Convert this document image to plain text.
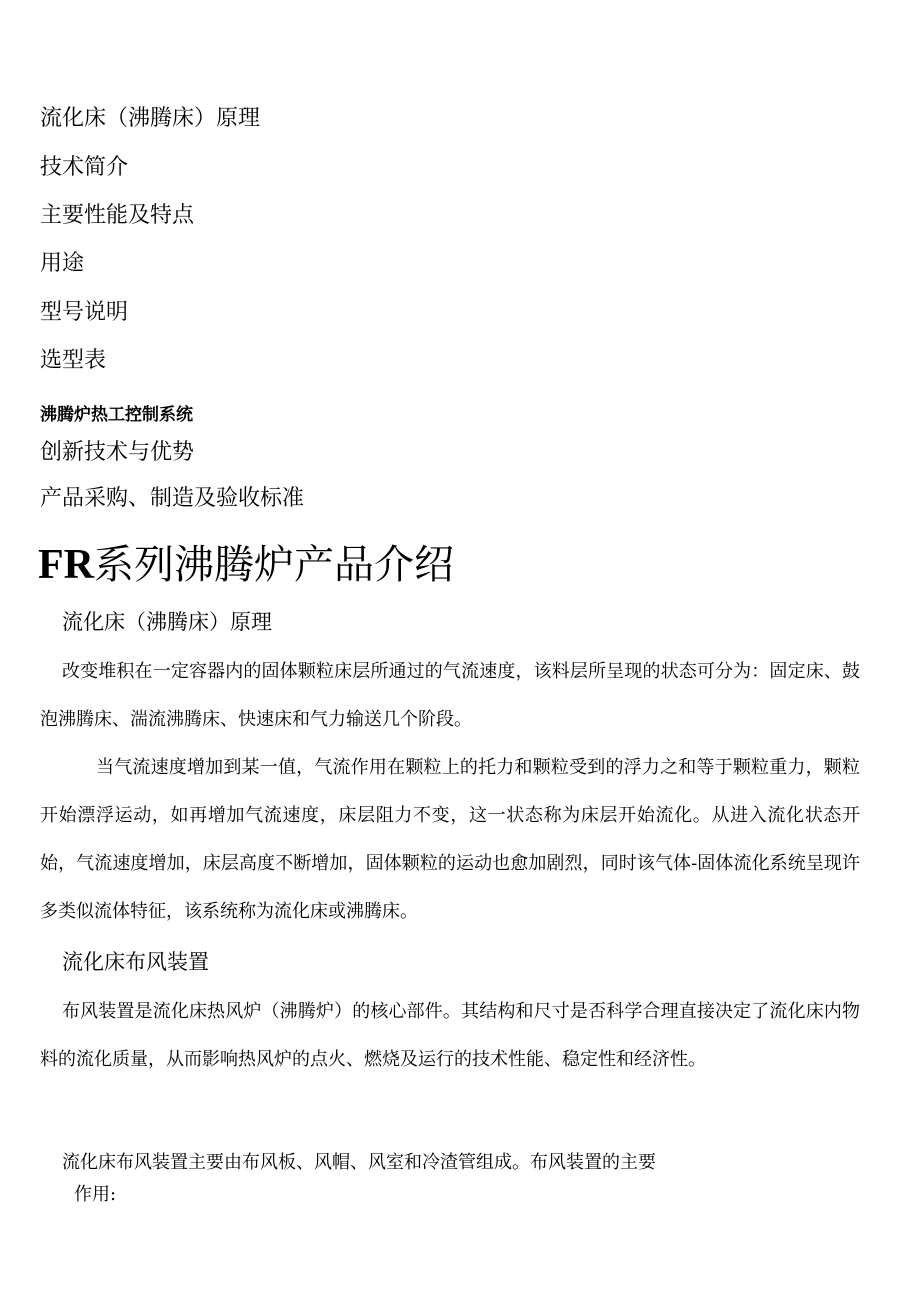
流化床（沸腾床）原理
技术简介
主要性能及特点
用途
型号说明
选型表
沸腾炉热工控制系统
创新技术与优势
产品采购、制造及验收标准
FR系列沸腾炉产品介绍
流化床（沸腾床）原理
改变堆积在一定容器内的固体颗粒床层所通过的气流速度，该料层所呈现的状态可分为：固定床、鼓泡沸腾床、湍流沸腾床、快速床和气力输送几个阶段。
当气流速度增加到某一值，气流作用在颗粒上的托力和颗粒受到的浮力之和等于颗粒重力，颗粒开始漂浮运动，如再增加气流速度，床层阻力不变，这一状态称为床层开始流化。从进入流化状态开始，气流速度增加，床层高度不断增加，固体颗粒的运动也愈加剧烈，同时该气体-固体流化系统呈现许多类似流体特征，该系统称为流化床或沸腾床。
流化床布风装置
布风装置是流化床热风炉（沸腾炉）的核心部件。其结构和尺寸是否科学合理直接决定了流化床内物料的流化质量，从而影响热风炉的点火、燃烧及运行的技术性能、稳定性和经济性。
流化床布风装置主要由布风板、风帽、风室和冷渣管组成。布风装置的主要
作用:
